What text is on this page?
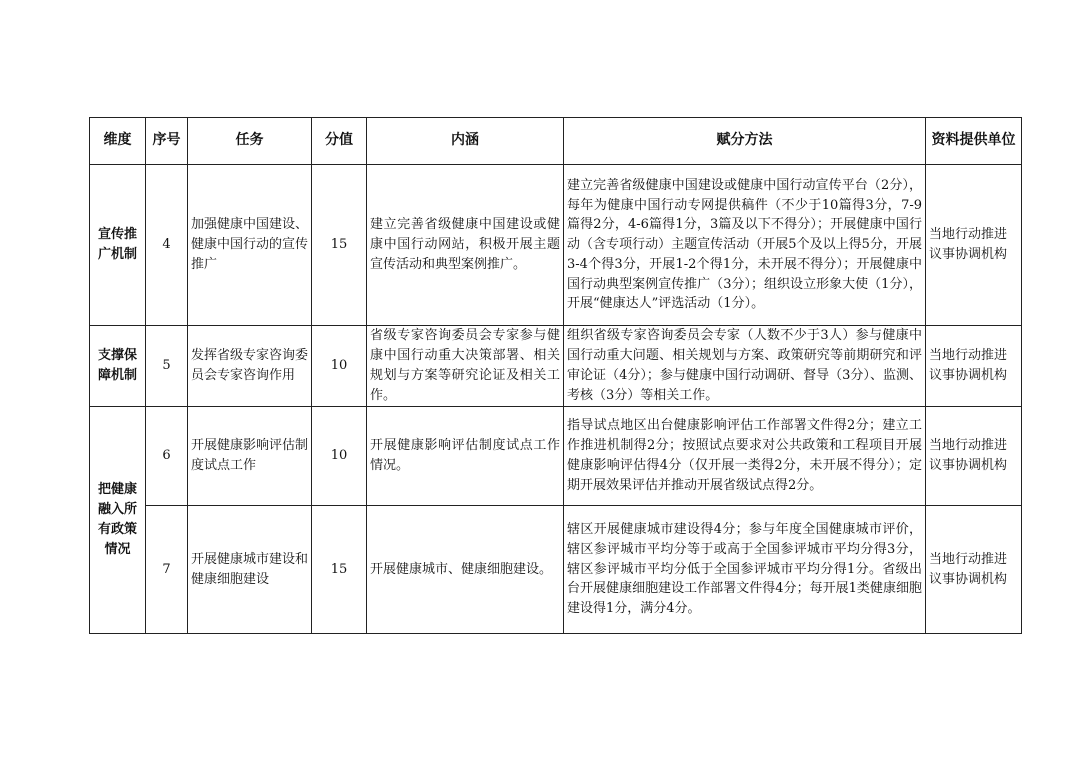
维度	序号	任务	分值	内涵	赋分方法	资料提供单位
宣传推广机制	4	加强健康中国建设、健康中国行动的宣传推广	15	建立完善省级健康中国建设或健康中国行动网站，积极开展主题宣传活动和典型案例推广。	建立完善省级健康中国建设或健康中国行动宣传平台（2分），每年为健康中国行动专网提供稿件（不少于10篇得3分，7-9篇得2分，4-6篇得1分，3篇及以下不得分）；开展健康中国行动（含专项行动）主题宣传活动（开展5个及以上得5分，开展3-4个得3分，开展1-2个得1分，未开展不得分）；开展健康中国行动典型案例宣传推广（3分）；组织设立形象大使（1分），开展“健康达人”评选活动（1分）。	当地行动推进议事协调机构
支撑保障机制	5	发挥省级专家咨询委员会专家咨询作用	10	省级专家咨询委员会专家参与健康中国行动重大决策部署、相关规划与方案等研究论证及相关工作。	组织省级专家咨询委员会专家（人数不少于3人）参与健康中国行动重大问题、相关规划与方案、政策研究等前期研究和评审论证（4分）；参与健康中国行动调研、督导（3分）、监测、考核（3分）等相关工作。	当地行动推进议事协调机构
把健康融入所有政策情况	6	开展健康影响评估制度试点工作	10	开展健康影响评估制度试点工作情况。	指导试点地区出台健康影响评估工作部署文件得2分；建立工作推进机制得2分；按照试点要求对公共政策和工程项目开展健康影响评估得4分（仅开展一类得2分，未开展不得分）；定期开展效果评估并推动开展省级试点得2分。	当地行动推进议事协调机构
	7	开展健康城市建设和健康细胞建设	15	开展健康城市、健康细胞建设。	辖区开展健康城市建设得4分；参与年度全国健康城市评价，辖区参评城市平均分等于或高于全国参评城市平均分得3分，辖区参评城市平均分低于全国参评城市平均分得1分。省级出台开展健康细胞建设工作部署文件得4分；每开展1类健康细胞建设得1分，满分4分。	当地行动推进议事协调机构
